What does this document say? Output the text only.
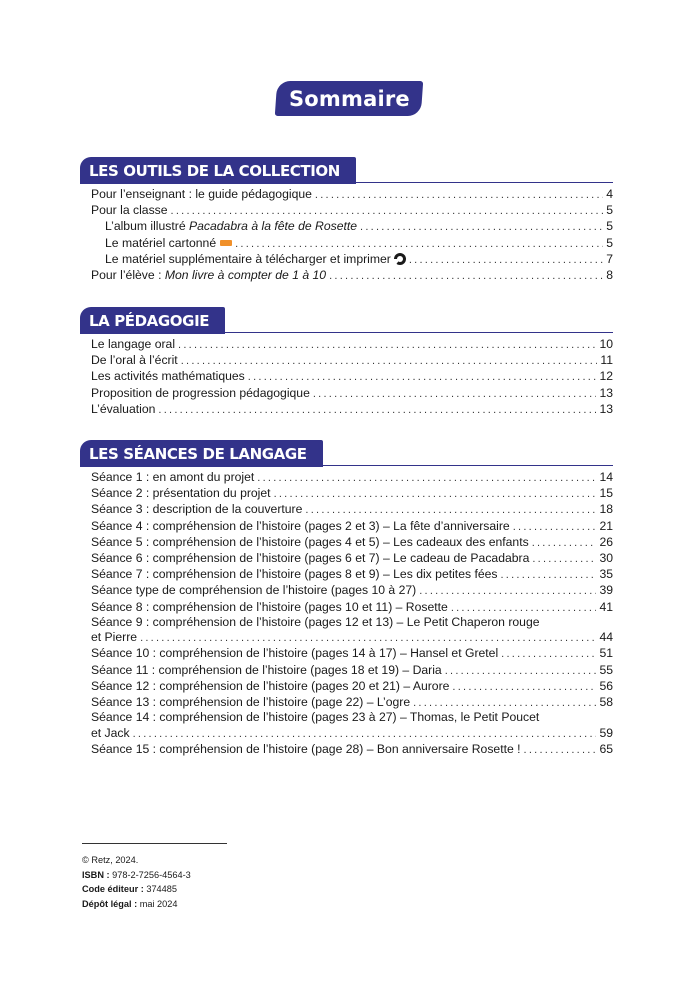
Sommaire
LES OUTILS DE LA COLLECTION
Pour l’enseignant : le guide pédagogique . . .	4
Pour la classe . . .	5
L’album illustré Pacadabra à la fête de Rosette . . .	5
Le matériel cartonné . . .	5
Le matériel supplémentaire à télécharger et imprimer . . .	7
Pour l’élève : Mon livre à compter de 1 à 10 . . .	8
LA PÉDAGOGIE
Le langage oral . . .	10
De l’oral à l’écrit . . .	11
Les activités mathématiques . . .	12
Proposition de progression pédagogique . . .	13
L’évaluation . . .	13
LES SÉANCES DE LANGAGE
Séance 1 : en amont du projet . . .	14
Séance 2 : présentation du projet . . .	15
Séance 3 : description de la couverture . . .	18
Séance 4 : compréhension de l’histoire (pages 2 et 3) – La fête d’anniversaire . . .	21
Séance 5 : compréhension de l’histoire (pages 4 et 5) – Les cadeaux des enfants . . .	26
Séance 6 : compréhension de l’histoire (pages 6 et 7) – Le cadeau de Pacadabra . . .	30
Séance 7 : compréhension de l’histoire (pages 8 et 9) – Les dix petites fées . . .	35
Séance type de compréhension de l’histoire (pages 10 à 27) . . .	39
Séance 8 : compréhension de l’histoire (pages 10 et 11) – Rosette . . .	41
Séance 9 : compréhension de l’histoire (pages 12 et 13) – Le Petit Chaperon rouge
et Pierre . . .	44
Séance 10 : compréhension de l’histoire (pages 14 à 17) – Hansel et Gretel . . .	51
Séance 11 : compréhension de l’histoire (pages 18 et 19) – Daria . . .	55
Séance 12 : compréhension de l’histoire (pages 20 et 21) – Aurore . . .	56
Séance 13 : compréhension de l’histoire (page 22) – L’ogre . . .	58
Séance 14 : compréhension de l’histoire (pages 23 à 27) – Thomas, le Petit Poucet
et Jack . . .	59
Séance 15 : compréhension de l’histoire (page 28) – Bon anniversaire Rosette ! . . .	65
© Retz, 2024.
ISBN : 978-2-7256-4564-3
Code éditeur : 374485
Dépôt légal : mai 2024
